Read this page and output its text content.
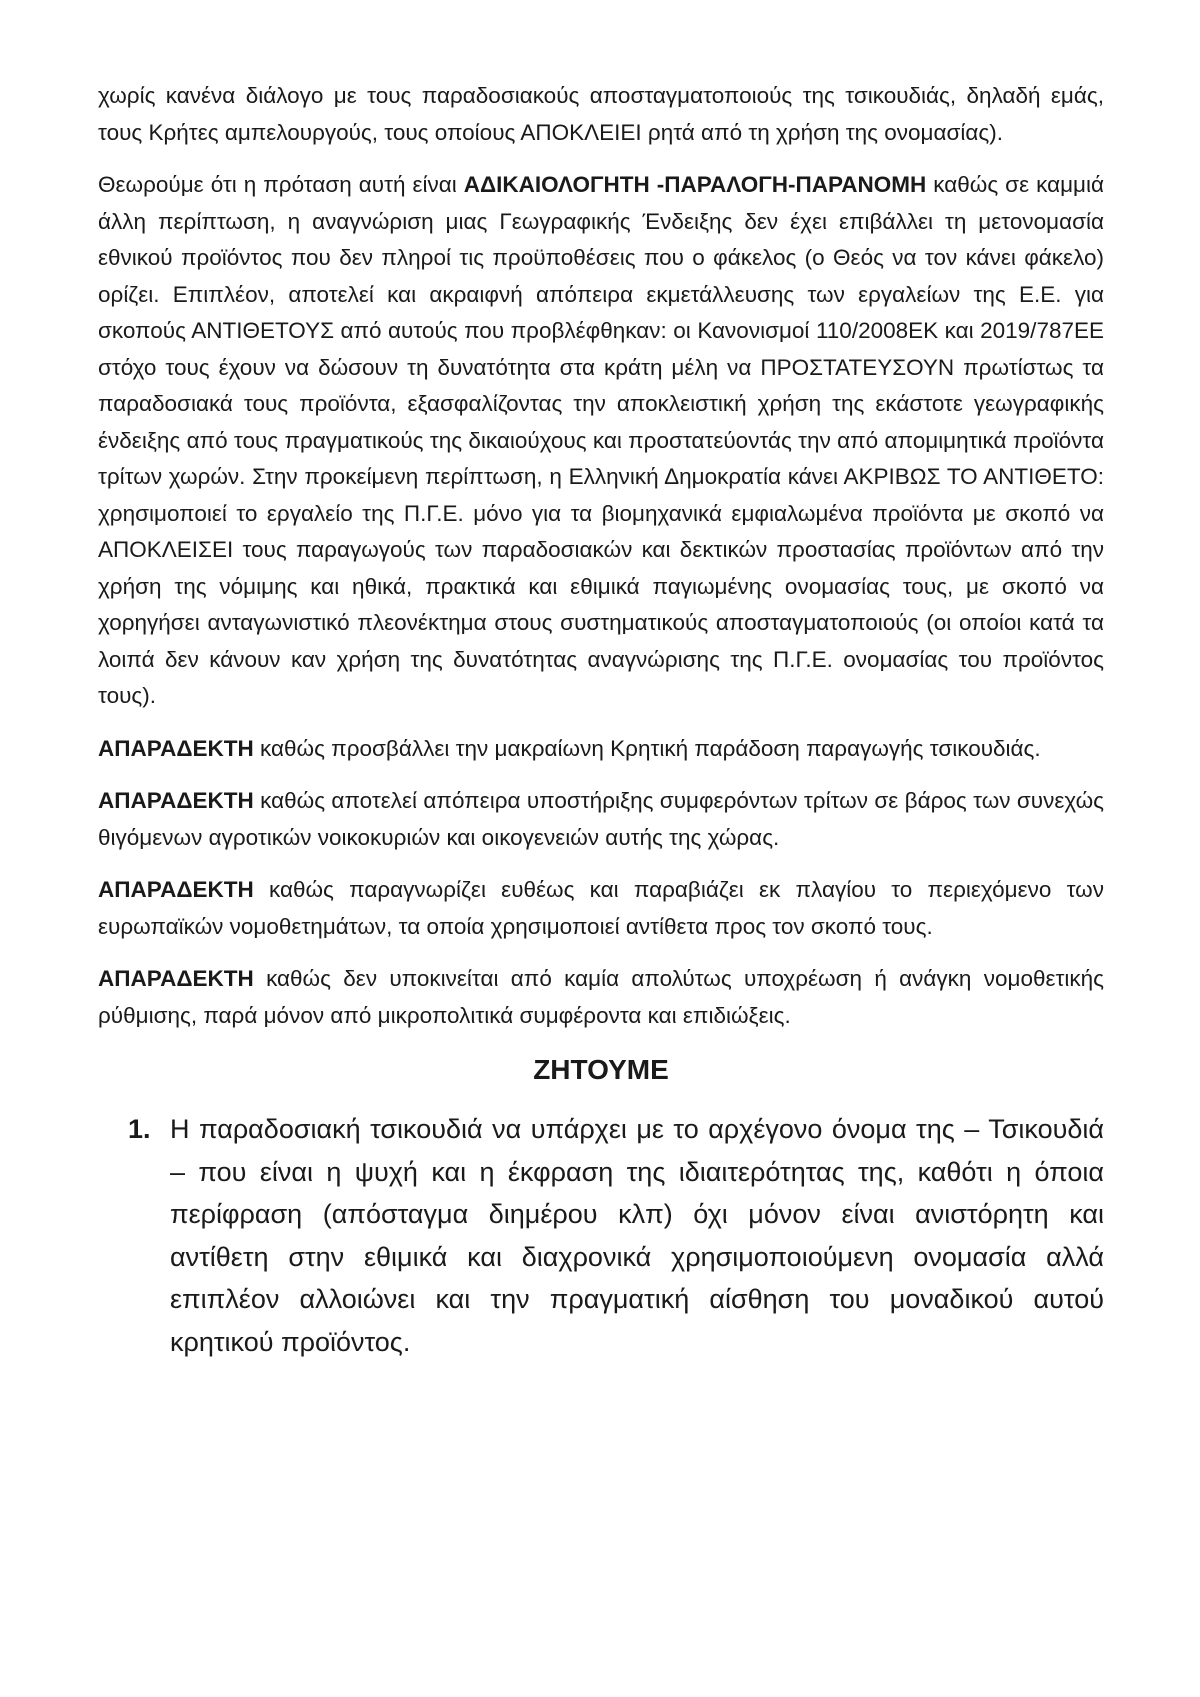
χωρίς κανένα διάλογο με τους παραδοσιακούς αποσταγματοποιούς της τσικουδιάς, δηλαδή εμάς, τους Κρήτες αμπελουργούς, τους οποίους ΑΠΟΚΛΕΙΕΙ ρητά από τη χρήση της ονομασίας).

Θεωρούμε ότι η πρόταση αυτή είναι ΑΔΙΚΑΙΟΛΟΓΗΤΗ -ΠΑΡΑΛΟΓΗ-ΠΑΡΑΝΟΜΗ καθώς σε καμμιά άλλη περίπτωση, η αναγνώριση μιας Γεωγραφικής Ένδειξης δεν έχει επιβάλλει τη μετονομασία εθνικού προϊόντος που δεν πληροί τις προϋποθέσεις που ο φάκελος (ο Θεός να τον κάνει φάκελο) ορίζει. Επιπλέον, αποτελεί και ακραιφνή απόπειρα εκμετάλλευσης των εργαλείων της Ε.Ε. για σκοπούς ΑΝΤΙΘΕΤΟΥΣ από αυτούς που προβλέφθηκαν: οι Κανονισμοί 110/2008ΕΚ και 2019/787ΕΕ στόχο τους έχουν να δώσουν τη δυνατότητα στα κράτη μέλη να ΠΡΟΣΤΑΤΕΥΣΟΥΝ πρωτίστως τα παραδοσιακά τους προϊόντα, εξασφαλίζοντας την αποκλειστική χρήση της εκάστοτε γεωγραφικής ένδειξης από τους πραγματικούς της δικαιούχους και προστατεύοντάς την από απομιμητικά προϊόντα τρίτων χωρών. Στην προκείμενη περίπτωση, η Ελληνική Δημοκρατία κάνει ΑΚΡΙΒΩΣ ΤΟ ΑΝΤΙΘΕΤΟ: χρησιμοποιεί το εργαλείο της Π.Γ.Ε. μόνο για τα βιομηχανικά εμφιαλωμένα προϊόντα με σκοπό να ΑΠΟΚΛΕΙΣΕΙ τους παραγωγούς των παραδοσιακών και δεκτικών προστασίας προϊόντων από την χρήση της νόμιμης και ηθικά, πρακτικά και εθιμικά παγιωμένης ονομασίας τους, με σκοπό να χορηγήσει ανταγωνιστικό πλεονέκτημα στους συστηματικούς αποσταγματοποιούς (οι οποίοι κατά τα λοιπά δεν κάνουν καν χρήση της δυνατότητας αναγνώρισης της Π.Γ.Ε. ονομασίας του προϊόντος τους).

ΑΠΑΡΑΔΕΚΤΗ καθώς προσβάλλει την μακραίωνη Κρητική παράδοση παραγωγής τσικουδιάς.

ΑΠΑΡΑΔΕΚΤΗ καθώς αποτελεί απόπειρα υποστήριξης συμφερόντων τρίτων σε βάρος των συνεχώς θιγόμενων αγροτικών νοικοκυριών και οικογενειών αυτής της χώρας.

ΑΠΑΡΑΔΕΚΤΗ καθώς παραγνωρίζει ευθέως και παραβιάζει εκ πλαγίου το περιεχόμενο των ευρωπαϊκών νομοθετημάτων, τα οποία χρησιμοποιεί αντίθετα προς τον σκοπό τους.

ΑΠΑΡΑΔΕΚΤΗ καθώς δεν υποκινείται από καμία απολύτως υποχρέωση ή ανάγκη νομοθετικής ρύθμισης, παρά μόνον από μικροπολιτικά συμφέροντα και επιδιώξεις.

ΖΗΤΟΥΜΕ
1. Η παραδοσιακή τσικουδιά να υπάρχει με το αρχέγονο όνομα της – Τσικουδιά – που είναι η ψυχή και η έκφραση της ιδιαιτερότητας της, καθότι η όποια περίφραση (απόσταγμα διημέρου κλπ) όχι μόνον είναι ανιστόρητη και αντίθετη στην εθιμικά και διαχρονικά χρησιμοποιούμενη ονομασία αλλά επιπλέον αλλοιώνει και την πραγματική αίσθηση του μοναδικού αυτού κρητικού προϊόντος.
